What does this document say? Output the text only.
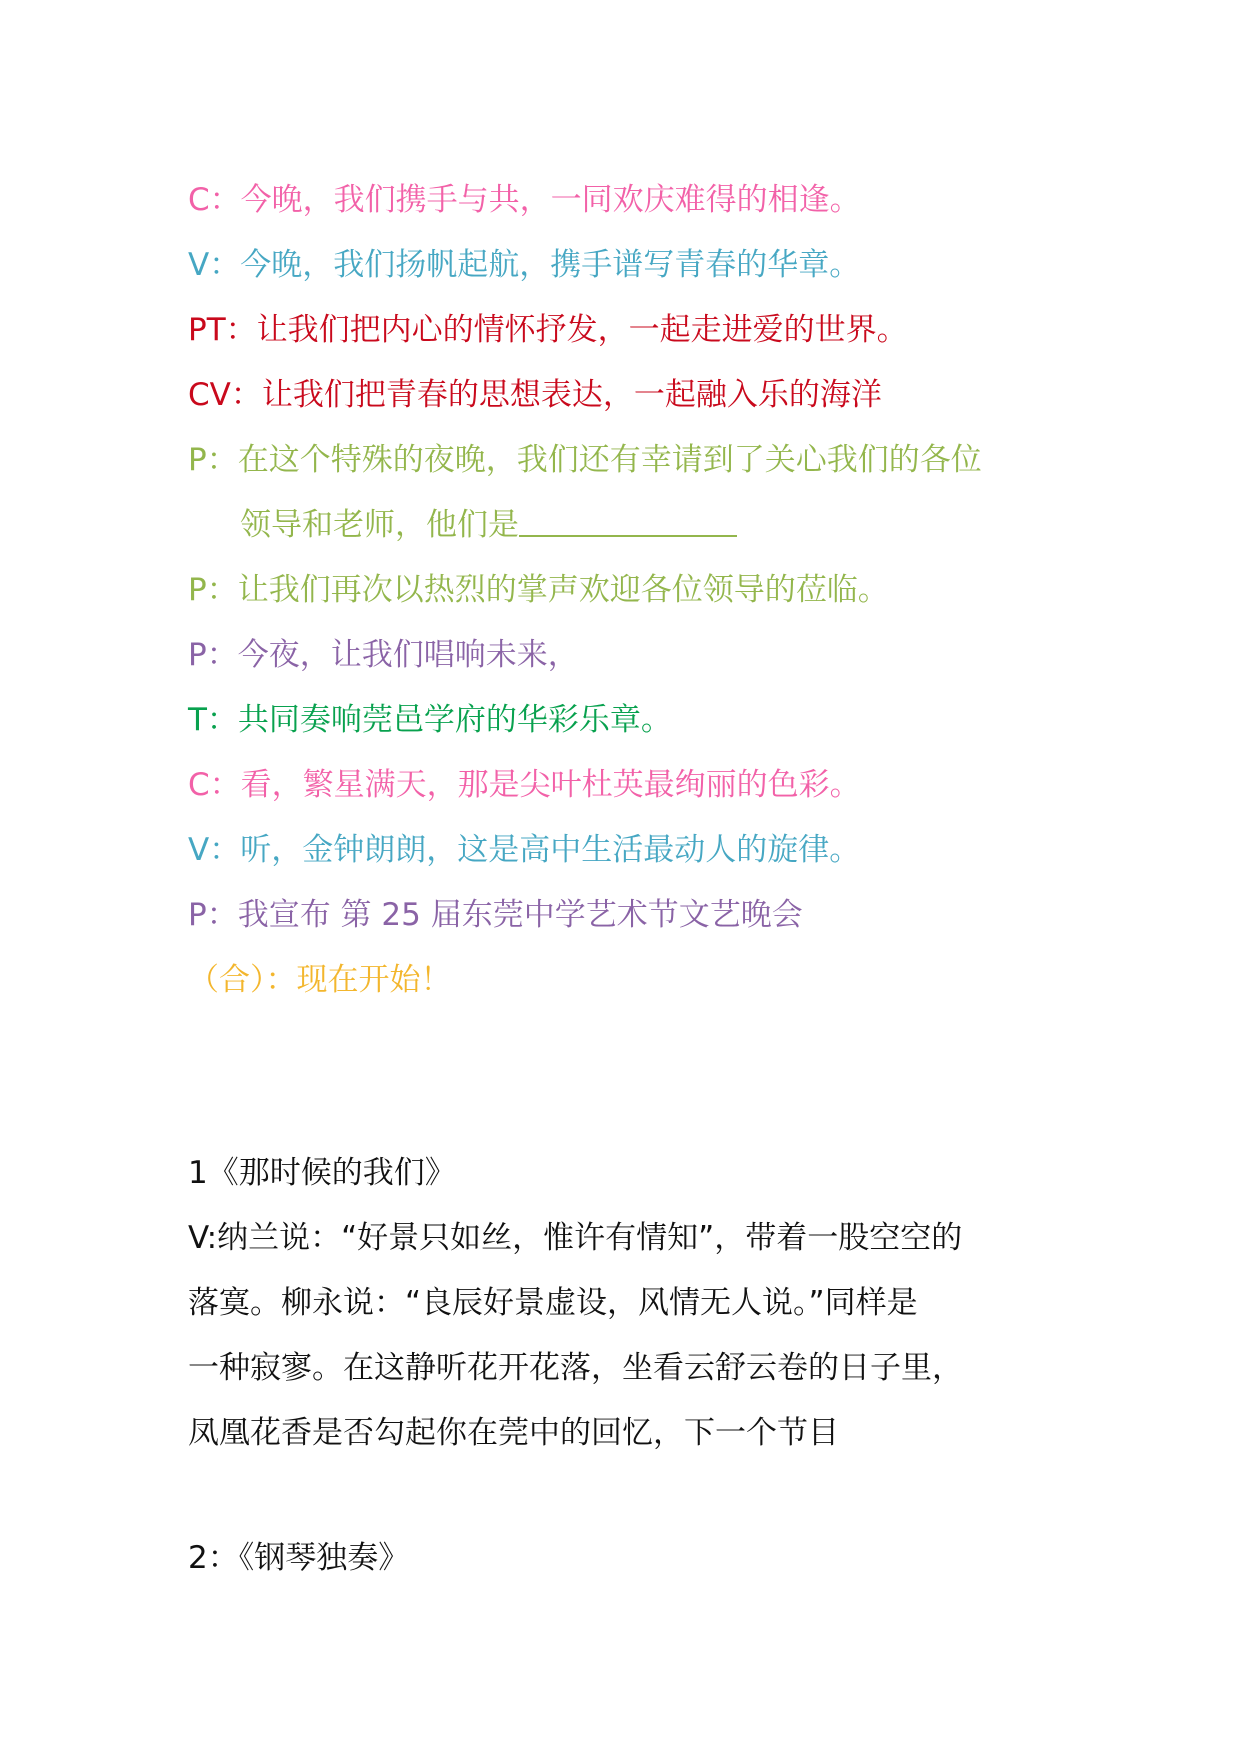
C：今晚，我们携手与共，一同欢庆难得的相逢。
V：今晚，我们扬帆起航，携手谱写青春的华章。
PT：让我们把内心的情怀抒发，一起走进爱的世界。
CV：让我们把青春的思想表达，一起融入乐的海洋
P：在这个特殊的夜晚，我们还有幸请到了关心我们的各位
领导和老师，他们是
P：让我们再次以热烈的掌声欢迎各位领导的莅临。
P：今夜，让我们唱响未来，
T：共同奏响莞邑学府的华彩乐章。
C：看，繁星满天，那是尖叶杜英最绚丽的色彩。
V：听，金钟朗朗，这是高中生活最动人的旋律。
P：我宣布 第 25 届东莞中学艺术节文艺晚会
（合）：现在开始！
1《那时候的我们》
V:纳兰说：“好景只如丝，惟许有情知”，带着一股空空的
落寞。柳永说：“良辰好景虚设，风情无人说。”同样是
一种寂寥。在这静听花开花落，坐看云舒云卷的日子里，
凤凰花香是否勾起你在莞中的回忆，下一个节目
2：《钢琴独奏》
